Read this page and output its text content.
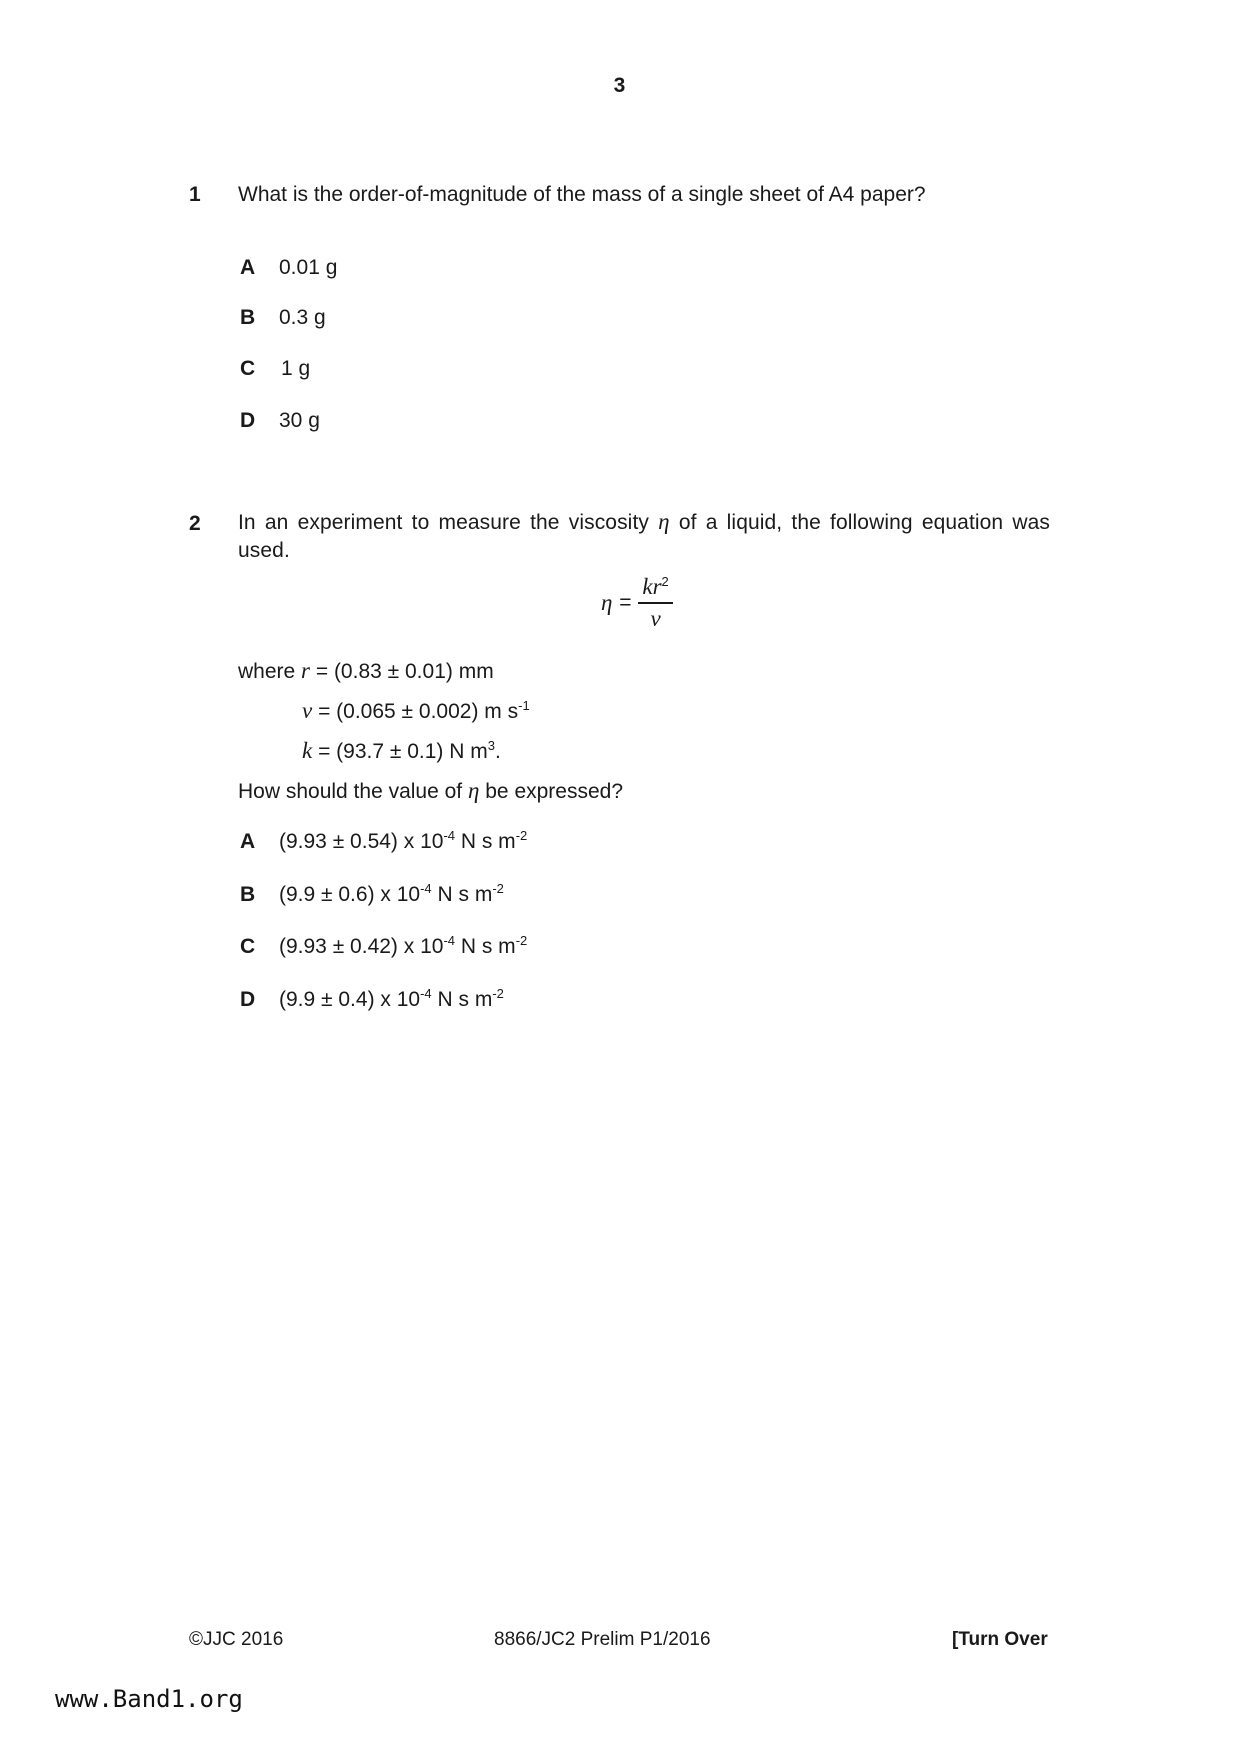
3
1 What is the order-of-magnitude of the mass of a single sheet of A4 paper?
A 0.01 g
B 0.3 g
C 1 g
D 30 g
2 In an experiment to measure the viscosity η of a liquid, the following equation was used.
$\eta = \frac{kr^2}{v}$
where r = (0.83 ± 0.01) mm
v = (0.065 ± 0.002) m $s^{-1}$
k = (93.7 ± 0.1) N $m^3$.
How should the value of η be expressed?
A (9.93 ± 0.54) x $10^{-4}$ N s $m^{-2}$
B (9.9 ± 0.6) x $10^{-4}$ N s $m^{-2}$
C (9.93 ± 0.42) x $10^{-4}$ N s $m^{-2}$
D (9.9 ± 0.4) x $10^{-4}$ N s $m^{-2}$
©JJC 2016	8866/JC2 Prelim P1/2016	[Turn Over
www.Band1.org
